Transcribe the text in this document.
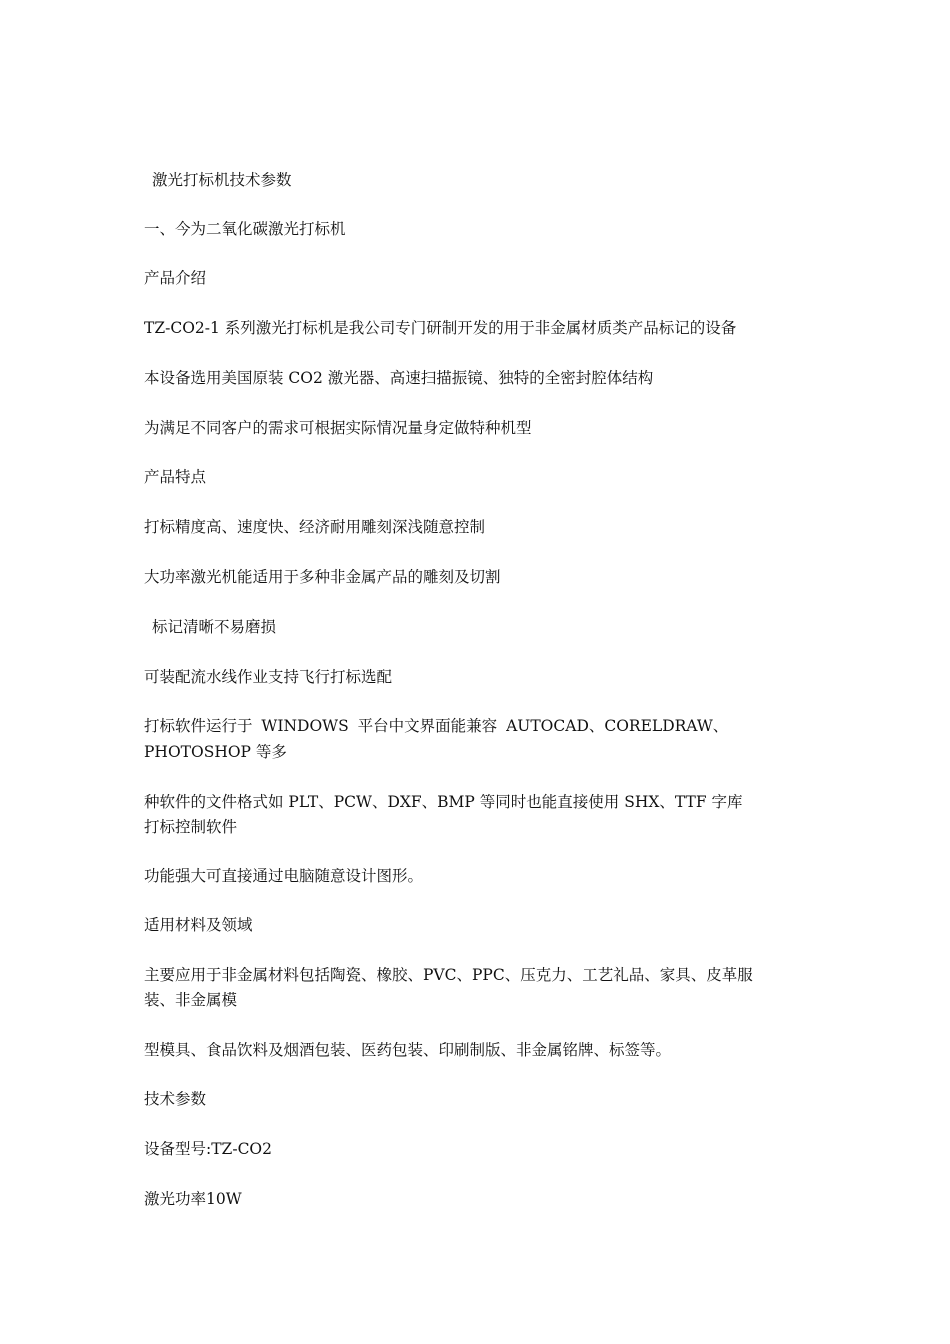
激光打标机技术参数

一、今为二氧化碳激光打标机

产品介绍

TZ-CO2-1 系列激光打标机是我公司专门研制开发的用于非金属材质类产品标记的设备

本设备选用美国原装 CO2 激光器、高速扫描振镜、独特的全密封腔体结构

为满足不同客户的需求可根据实际情况量身定做特种机型

产品特点

打标精度高、速度快、经济耐用雕刻深浅随意控制

大功率激光机能适用于多种非金属产品的雕刻及切割

标记清晰不易磨损

可装配流水线作业支持飞行打标选配

打标软件运行于 WINDOWS 平台中文界面能兼容 AUTOCAD、CORELDRAW、

PHOTOSHOP 等多

种软件的文件格式如 PLT、PCW、DXF、BMP 等同时也能直接使用 SHX、TTF 字库

打标控制软件

功能强大可直接通过电脑随意设计图形。

适用材料及领域

主要应用于非金属材料包括陶瓷、橡胶、PVC、PPC、压克力、工艺礼品、家具、皮革服

装、非金属模

型模具、食品饮料及烟酒包装、医药包装、印刷制版、非金属铭牌、标签等。

技术参数

设备型号:TZ-CO2

激光功率10W
